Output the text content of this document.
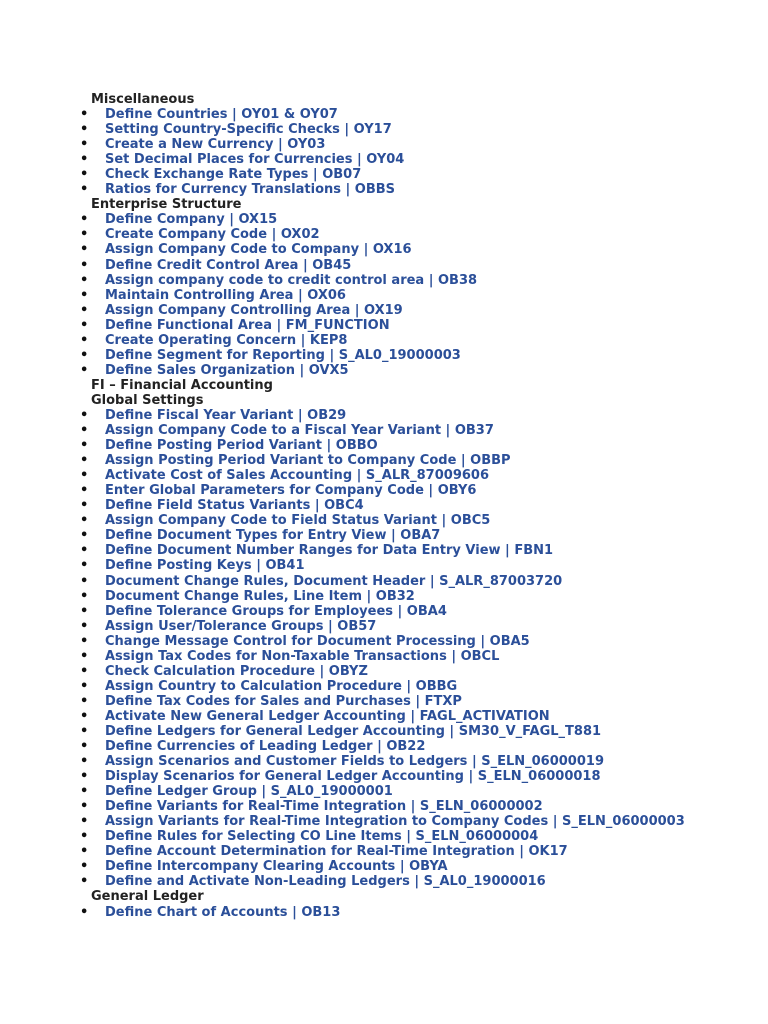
Miscellaneous
• Define Countries | OY01 & OY07
• Setting Country-Specific Checks | OY17
• Create a New Currency | OY03
• Set Decimal Places for Currencies | OY04
• Check Exchange Rate Types | OB07
• Ratios for Currency Translations | OBBS
Enterprise Structure
• Define Company | OX15
• Create Company Code | OX02
• Assign Company Code to Company | OX16
• Define Credit Control Area | OB45
• Assign company code to credit control area | OB38
• Maintain Controlling Area | OX06
• Assign Company Controlling Area | OX19
• Define Functional Area | FM_FUNCTION
• Create Operating Concern | KEP8
• Define Segment for Reporting | S_AL0_19000003
• Define Sales Organization | OVX5
FI – Financial Accounting
Global Settings
• Define Fiscal Year Variant | OB29
• Assign Company Code to a Fiscal Year Variant | OB37
• Define Posting Period Variant | OBBO
• Assign Posting Period Variant to Company Code | OBBP
• Activate Cost of Sales Accounting | S_ALR_87009606
• Enter Global Parameters for Company Code | OBY6
• Define Field Status Variants | OBC4
• Assign Company Code to Field Status Variant | OBC5
• Define Document Types for Entry View | OBA7
• Define Document Number Ranges for Data Entry View | FBN1
• Define Posting Keys | OB41
• Document Change Rules, Document Header | S_ALR_87003720
• Document Change Rules, Line Item | OB32
• Define Tolerance Groups for Employees | OBA4
• Assign User/Tolerance Groups | OB57
• Change Message Control for Document Processing | OBA5
• Assign Tax Codes for Non-Taxable Transactions | OBCL
• Check Calculation Procedure | OBYZ
• Assign Country to Calculation Procedure | OBBG
• Define Tax Codes for Sales and Purchases | FTXP
• Activate New General Ledger Accounting | FAGL_ACTIVATION
• Define Ledgers for General Ledger Accounting | SM30_V_FAGL_T881
• Define Currencies of Leading Ledger | OB22
• Assign Scenarios and Customer Fields to Ledgers | S_ELN_06000019
• Display Scenarios for General Ledger Accounting | S_ELN_06000018
• Define Ledger Group | S_AL0_19000001
• Define Variants for Real-Time Integration | S_ELN_06000002
• Assign Variants for Real-Time Integration to Company Codes | S_ELN_06000003
• Define Rules for Selecting CO Line Items | S_ELN_06000004
• Define Account Determination for Real-Time Integration | OK17
• Define Intercompany Clearing Accounts | OBYA
• Define and Activate Non-Leading Ledgers | S_AL0_19000016
General Ledger
• Define Chart of Accounts | OB13
